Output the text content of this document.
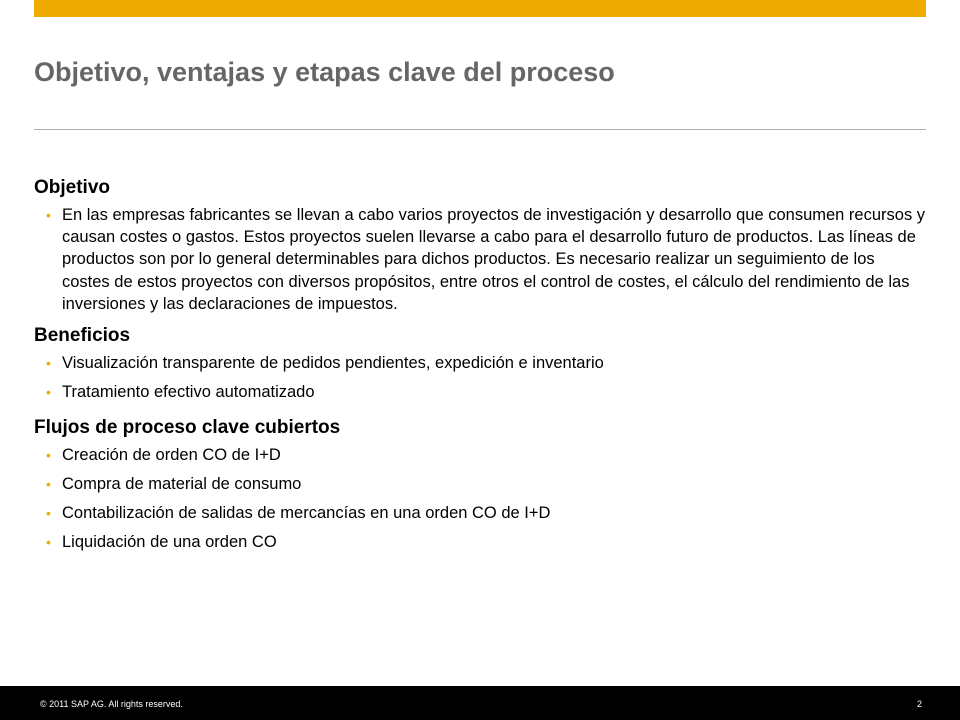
Objetivo, ventajas y etapas clave del proceso
Objetivo
• En las empresas fabricantes se llevan a cabo varios proyectos de investigación y desarrollo que consumen recursos y causan costes o gastos. Estos proyectos suelen llevarse a cabo para el desarrollo futuro de productos. Las líneas de productos son por lo general determinables para dichos productos. Es necesario realizar un seguimiento de los costes de estos proyectos con diversos propósitos, entre otros el control de costes, el cálculo del rendimiento de las inversiones y las declaraciones de impuestos.
Beneficios
• Visualización transparente de pedidos pendientes, expedición e inventario
• Tratamiento efectivo automatizado
Flujos de proceso clave cubiertos
• Creación de orden CO de I+D
• Compra de material de consumo
• Contabilización de salidas de mercancías en una orden CO de I+D
• Liquidación de una orden CO
© 2011 SAP AG. All rights reserved.	2
